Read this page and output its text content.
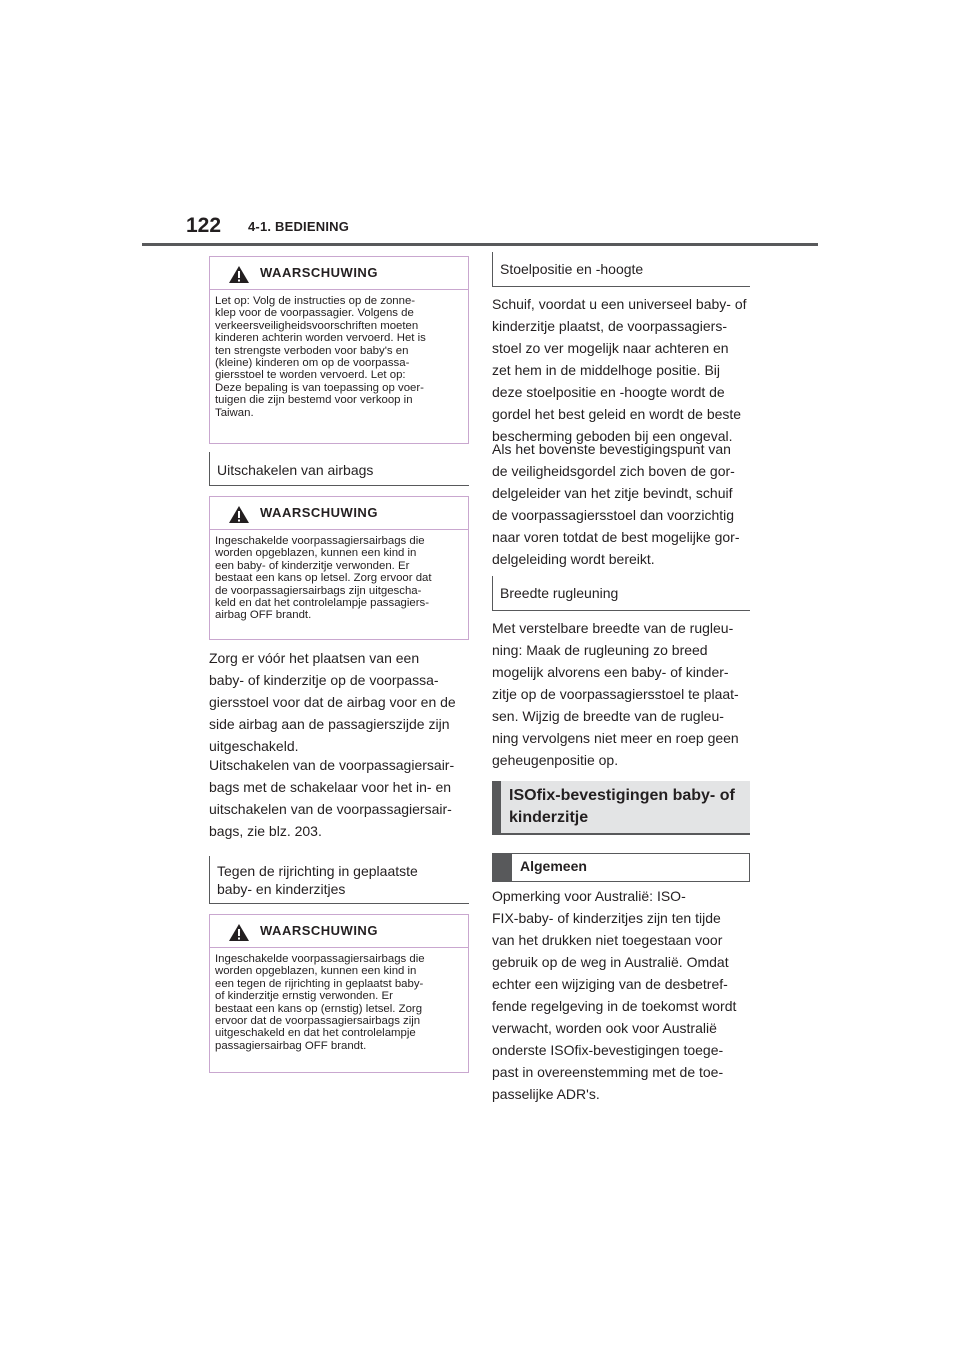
122 4-1. BEDIENING
WAARSCHUWING
Let op: Volg de instructies op de zonne-
klep voor de voorpassagier. Volgens de
verkeersveiligheidsvoorschriften moeten
kinderen achterin worden vervoerd. Het is
ten strengste verboden voor baby's en
(kleine) kinderen om op de voorpassa-
giersstoel te worden vervoerd. Let op:
Deze bepaling is van toepassing op voer-
tuigen die zijn bestemd voor verkoop in
Taiwan.
Uitschakelen van airbags
WAARSCHUWING
Ingeschakelde voorpassagiersairbags die
worden opgeblazen, kunnen een kind in
een baby- of kinderzitje verwonden. Er
bestaat een kans op letsel. Zorg ervoor dat
de voorpassagiersairbags zijn uitgescha-
keld en dat het controlelampje passagiers-
airbag OFF brandt.
Zorg er vóór het plaatsen van een
baby- of kinderzitje op de voorpassa-
giersstoel voor dat de airbag voor en de
side airbag aan de passagierszijde zijn
uitgeschakeld.
Uitschakelen van de voorpassagiersair-
bags met de schakelaar voor het in- en
uitschakelen van de voorpassagiersair-
bags, zie blz. 203.
Tegen de rijrichting in geplaatste
baby- en kinderzitjes
WAARSCHUWING
Ingeschakelde voorpassagiersairbags die
worden opgeblazen, kunnen een kind in
een tegen de rijrichting in geplaatst baby-
of kinderzitje ernstig verwonden. Er
bestaat een kans op (ernstig) letsel. Zorg
ervoor dat de voorpassagiersairbags zijn
uitgeschakeld en dat het controlelampje
passagiersairbag OFF brandt.
Stoelpositie en -hoogte
Schuif, voordat u een universeel baby- of
kinderzitje plaatst, de voorpassagiers-
stoel zo ver mogelijk naar achteren en
zet hem in de middelhoge positie. Bij
deze stoelpositie en -hoogte wordt de
gordel het best geleid en wordt de beste
bescherming geboden bij een ongeval.
Als het bovenste bevestigingspunt van
de veiligheidsgordel zich boven de gor-
delgeleider van het zitje bevindt, schuif
de voorpassagiersstoel dan voorzichtig
naar voren totdat de best mogelijke gor-
delgeleiding wordt bereikt.
Breedte rugleuning
Met verstelbare breedte van de rugleu-
ning: Maak de rugleuning zo breed
mogelijk alvorens een baby- of kinder-
zitje op de voorpassagiersstoel te plaat-
sen. Wijzig de breedte van de rugleu-
ning vervolgens niet meer en roep geen
geheugenpositie op.
ISOfix-bevestigingen baby- of
kinderzitje
Algemeen
Opmerking voor Australië: ISO-
FIX-baby- of kinderzitjes zijn ten tijde
van het drukken niet toegestaan voor
gebruik op de weg in Australië. Omdat
echter een wijziging van de desbetref-
fende regelgeving in de toekomst wordt
verwacht, worden ook voor Australië
onderste ISOfix-bevestigingen toege-
past in overeenstemming met de toe-
passelijke ADR's.
